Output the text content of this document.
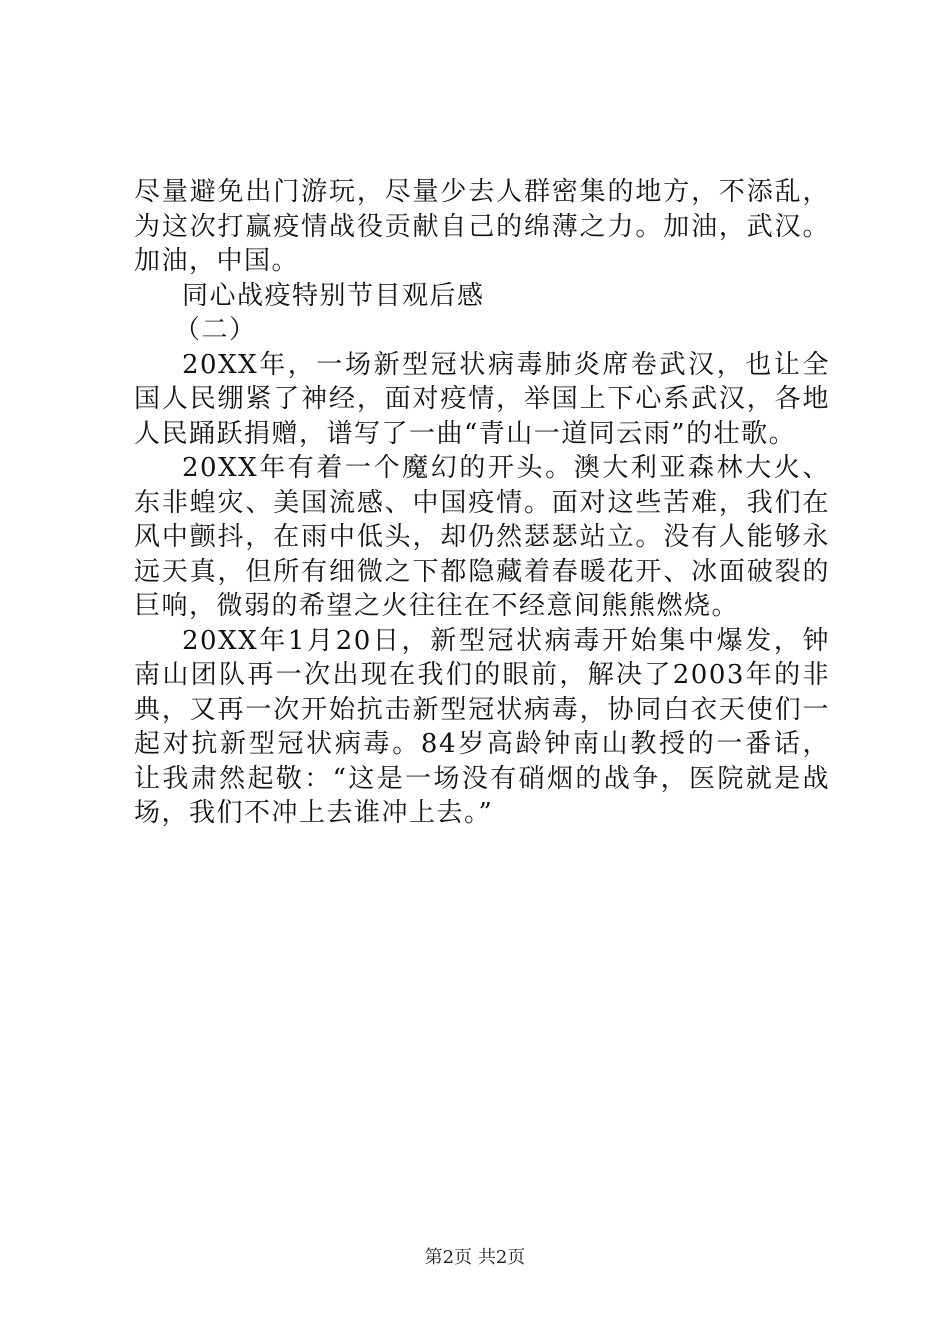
尽量避免出门游玩，尽量少去人群密集的地方，不添乱，为这次打赢疫情战役贡献自己的绵薄之力。加油，武汉。加油，中国。

同心战疫特别节目观后感

（二）

20XX年，一场新型冠状病毒肺炎席卷武汉，也让全国人民绷紧了神经，面对疫情，举国上下心系武汉，各地人民踊跃捐赠，谱写了一曲“青山一道同云雨”的壮歌。

20XX年有着一个魔幻的开头。澳大利亚森林大火、东非蝗灾、美国流感、中国疫情。面对这些苦难，我们在风中颤抖，在雨中低头，却仍然瑟瑟站立。没有人能够永远天真，但所有细微之下都隐藏着春暖花开、冰面破裂的巨响，微弱的希望之火往往在不经意间熊熊燃烧。

20XX年1月20日，新型冠状病毒开始集中爆发，钟南山团队再一次出现在我们的眼前，解决了2003年的非典，又再一次开始抗击新型冠状病毒，协同白衣天使们一起对抗新型冠状病毒。84岁高龄钟南山教授的一番话，让我肃然起敬：“这是一场没有硝烟的战争，医院就是战场，我们不冲上去谁冲上去。”

第2页 共2页
